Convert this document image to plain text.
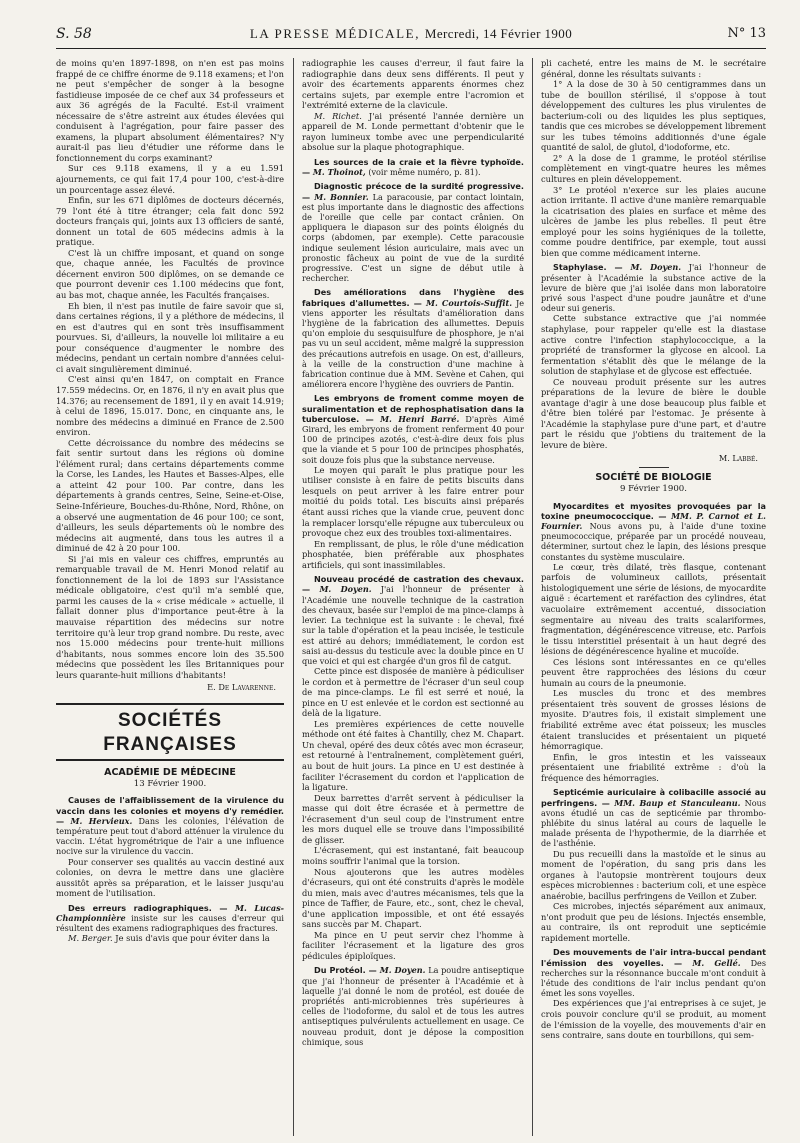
S. 58	LA PRESSE MÉDICALE, Mercredi, 14 Février 1900	N° 13

de moins qu'en 1897-1898, on n'en est pas moins frappé de ce chiffre énorme de 9.118 examens; et l'on ne peut s'empêcher de songer à la besogne fastidieuse imposée de ce chef aux 34 professeurs et aux 36 agrégés de la Faculté. Est-il vraiment nécessaire de s'être astreint aux études élevées qui conduisent à l'agrégation, pour faire passer des examens, la plupart absolument élémentaires? N'y aurait-il pas lieu d'étudier une réforme dans le fonctionnement du corps examinant?

Sur ces 9.118 examens, il y a eu 1.591 ajournements, ce qui fait 17,4 pour 100, c'est-à-dire un pourcentage assez élevé.

Enfin, sur les 671 diplômes de docteurs décernés, 79 l'ont été à titre étranger; cela fait donc 592 docteurs français qui, joints aux 13 officiers de santé, donnent un total de 605 médecins admis à la pratique.

C'est là un chiffre imposant, et quand on songe que, chaque année, les Facultés de province décernent environ 500 diplômes, on se demande ce que pourront devenir ces 1.100 médecins que font, au bas mot, chaque année, les Facultés françaises.

Eh bien, il n'est pas inutile de faire savoir que si, dans certaines régions, il y a pléthore de médecins, il en est d'autres qui en sont très insuffisamment pourvues. Si, d'ailleurs, la nouvelle loi militaire a eu pour conséquence d'augmenter le nombre des médecins, pendant un certain nombre d'années celui-ci avait singulièrement diminué.

C'est ainsi qu'en 1847, on comptait en France 17.559 médecins. Or, en 1876, il n'y en avait plus que 14.376; au recensement de 1891, il y en avait 14.919; à celui de 1896, 15.017. Donc, en cinquante ans, le nombre des médecins a diminué en France de 2.500 environ.

Cette décroissance du nombre des médecins se fait sentir surtout dans les régions où domine l'élément rural; dans certains départements comme la Corse, les Landes, les Hautes et Basses-Alpes, elle a atteint 42 pour 100. Par contre, dans les départements à grands centres, Seine, Seine-et-Oise, Seine-Inférieure, Bouches-du-Rhône, Nord, Rhône, on a observé une augmentation de 46 pour 100; ce sont, d'ailleurs, les seuls départements où le nombre des médecins ait augmenté, dans tous les autres il a diminué de 42 à 20 pour 100.

Si j'ai mis en valeur ces chiffres, empruntés au remarquable travail de M. Henri Monod relatif au fonctionnement de la loi de 1893 sur l'Assistance médicale obligatoire, c'est qu'il m'a semblé que, parmi les causes de la « crise médicale » actuelle, il fallait donner plus d'importance peut-être à la mauvaise répartition des médecins sur notre territoire qu'à leur trop grand nombre. Du reste, avec nos 15.000 médecins pour trente-huit millions d'habitants, nous sommes encore loin des 35.500 médecins que possèdent les îles Britanniques pour leurs quarante-huit millions d'habitants!

E. De Lavarenne.

SOCIÉTÉS FRANÇAISES

ACADÉMIE DE MÉDECINE

13 Février 1900.

Causes de l'affaiblissement de la virulence du vaccin dans les colonies et moyens d'y remédier. — M. Hervieux. Dans les colonies, l'élévation de température peut tout d'abord atténuer la virulence du vaccin. L'état hygrométrique de l'air a une influence nocive sur la virulence du vaccin.

Pour conserver ses qualités au vaccin destiné aux colonies, on devra le mettre dans une glacière aussitôt après sa préparation, et le laisser jusqu'au moment de l'utilisation.

Des erreurs radiographiques. — M. Lucas-Championnière insiste sur les causes d'erreur qui résultent des examens radiographiques des fractures.

M. Berger. Je suis d'avis que pour éviter dans la

radiographie les causes d'erreur, il faut faire la radiographie dans deux sens différents. Il peut y avoir des écartements apparents énormes chez certains sujets, par exemple entre l'acromion et l'extrémité externe de la clavicule.

M. Richet. J'ai présenté l'année dernière un appareil de M. Londe permettant d'obtenir que le rayon lumineux tombe avec une perpendicularité absolue sur la plaque photographique.

Les sources de la craie et la fièvre typhoïde. — M. Thoinot, (voir même numéro, p. 81).

Diagnostic précoce de la surdité progressive. — M. Bonnier. La paracousie, par contact lointain, est plus importante dans le diagnostic des affections de l'oreille que celle par contact crânien. On appliquera le diapason sur des points éloignés du corps (abdomen, par exemple). Cette paracousie indique seulement lésion auriculaire, mais avec un pronostic fâcheux au point de vue de la surdité progressive. C'est un signe de début utile à rechercher.

Des améliorations dans l'hygiène des fabriques d'allumettes. — M. Courtois-Suffit. Je viens apporter les résultats d'amélioration dans l'hygiène de la fabrication des allumettes. Depuis qu'on emploie du sesquisulfure de phosphore, je n'ai pas vu un seul accident, même malgré la suppression des précautions autrefois en usage. On est, d'ailleurs, à la veille de la construction d'une machine à fabrication continue due à MM. Sevène et Cahen, qui améliorera encore l'hygiène des ouvriers de Pantin.

Les embryons de froment comme moyen de suralimentation et de rephosphatisation dans la tuberculose. — M. Henri Barré. D'après Aimé Girard, les embryons de froment renferment 40 pour 100 de principes azotés, c'est-à-dire deux fois plus que la viande et 5 pour 100 de principes phosphatés, soit douze fois plus que la substance nerveuse.

Le moyen qui paraît le plus pratique pour les utiliser consiste à en faire de petits biscuits dans lesquels on peut arriver à les faire entrer pour moitié du poids total. Les biscuits ainsi préparés étant aussi riches que la viande crue, peuvent donc la remplacer lorsqu'elle répugne aux tuberculeux ou provoque chez eux des troubles toxi-alimentaires.

En remplissant, de plus, le rôle d'une médication phosphatée, bien préférable aux phosphates artificiels, qui sont inassimilables.

Nouveau procédé de castration des chevaux. — M. Doyen. J'ai l'honneur de présenter à l'Académie une nouvelle technique de la castration des chevaux, basée sur l'emploi de ma pince-clamps à levier. La technique est la suivante : le cheval, fixé sur la table d'opération et la peau incisée, le testicule est attiré au dehors; immédiatement, le cordon est saisi au-dessus du testicule avec la double pince en U que voici et qui est chargée d'un gros fil de catgut.

Cette pince est disposée de manière à pédiculiser le cordon et à permettre de l'écraser d'un seul coup de ma pince-clamps. Le fil est serré et noué, la pince en U est enlevée et le cordon est sectionné au delà de la ligature.

Les premières expériences de cette nouvelle méthode ont été faites à Chantilly, chez M. Chapart. Un cheval, opéré des deux côtés avec mon écraseur, est retourné à l'entraînement, complètement guéri, au bout de huit jours. La pince en U est destinée à faciliter l'écrasement du cordon et l'application de la ligature.

Deux barrettes d'arrêt servent à pédiculiser la masse qui doit être écrasée et à permettre de l'écrasement d'un seul coup de l'instrument entre les mors duquel elle se trouve dans l'impossibilité de glisser.

L'écrasement, qui est instantané, fait beaucoup moins souffrir l'animal que la torsion.

Nous ajouterons que les autres modèles d'écraseurs, qui ont été construits d'après le modèle du mien, mais avec d'autres mécanismes, tels que la pince de Taffier, de Faure, etc., sont, chez le cheval, d'une application impossible, et ont été essayés sans succès par M. Chapart.

Ma pince en U peut servir chez l'homme à faciliter l'écrasement et la ligature des gros pédicules épiploïques.

Du Protéol. — M. Doyen. La poudre antiseptique que j'ai l'honneur de présenter à l'Académie et à laquelle j'ai donné le nom de protéol, est douée de propriétés anti-microbiennes très supérieures à celles de l'iodoforme, du salol et de tous les autres antiseptiques pulvérulents actuellement en usage. Ce nouveau produit, dont je dépose la composition chimique, sous

pli cacheté, entre les mains de M. le secrétaire général, donne les résultats suivants :

1° A la dose de 30 à 50 centigrammes dans un tube de bouillon stérilisé, il s'oppose à tout développement des cultures les plus virulentes de bacterium-coli ou des liquides les plus septiques, tandis que ces microbes se développement librement sur les tubes témoins additionnés d'une égale quantité de salol, de glutol, d'iodoforme, etc.

2° A la dose de 1 gramme, le protéol stérilise complètement en vingt-quatre heures les mêmes cultures en plein développement.

3° Le protéol n'exerce sur les plaies aucune action irritante. Il active d'une manière remarquable la cicatrisation des plaies en surface et même des ulcères de jambe les plus rebelles. Il peut être employé pour les soins hygiéniques de la toilette, comme poudre dentifrice, par exemple, tout aussi bien que comme médicament interne.

Staphylase. — M. Doyen. J'ai l'honneur de présenter à l'Académie la substance active de la levure de bière que j'ai isolée dans mon laboratoire privé sous l'aspect d'une poudre jaunâtre et d'une odeur sui generis.

Cette substance extractive que j'ai nommée staphylase, pour rappeler qu'elle est la diastase active contre l'infection staphylococcique, a la propriété de transformer la glycose en alcool. La fermentation s'établit dès que le mélange de la solution de staphylase et de glycose est effectuée.

Ce nouveau produit présente sur les autres préparations de la levure de bière le double avantage d'agir à une dose beaucoup plus faible et d'être bien toléré par l'estomac. Je présente à l'Académie la staphylase pure d'une part, et d'autre part le résidu que j'obtiens du traitement de la levure de bière.

M. Labbé.

SOCIÉTÉ DE BIOLOGIE

9 Février 1900.

Myocardites et myosites provoquées par la toxine pneumococcique. — MM. P. Carnot et L. Fournier. Nous avons pu, à l'aide d'une toxine pneumococcique, préparée par un procédé nouveau, déterminer, surtout chez le lapin, des lésions presque constantes du système musculaire.

Le cœur, très dilaté, très flasque, contenant parfois de volumineux caillots, présentait histologiquement une série de lésions, de myocardite aiguë : écartement et raréfaction des cylindres, état vacuolaire extrêmement accentué, dissociation segmentaire au niveau des traits scalariformes, fragmentation, dégénérescence vitreuse, etc. Parfois le tissu interstitiel présentait à un haut degré des lésions de dégénérescence hyaline et mucoïde.

Ces lésions sont intéressantes en ce qu'elles peuvent être rapprochées des lésions du cœur humain au cours de la pneumonie.

Les muscles du tronc et des membres présentaient très souvent de grosses lésions de myosite. D'autres fois, il existait simplement une friabilité extrême avec état poisseux; les muscles étaient translucides et présentaient un piqueté hémorragique.

Enfin, le gros intestin et les vaisseaux présentaient une friabilité extrême : d'où la fréquence des hémorragies.

Septicémie auriculaire à colibacille associé au perfringens. — MM. Baup et Stanculeanu. Nous avons étudié un cas de septicémie par thrombo-phlébite du sinus latéral au cours de laquelle le malade présenta de l'hypothermie, de la diarrhée et de l'asthénie.

Du pus recueilli dans la mastoïde et le sinus au moment de l'opération, du sang pris dans les organes à l'autopsie montrèrent toujours deux espèces microbiennes : bacterium coli, et une espèce anaérobie, bacillus perfringens de Veillon et Zuber.

Ces microbes, injectés séparément aux animaux, n'ont produit que peu de lésions. Injectés ensemble, au contraire, ils ont reproduit une septicémie rapidement mortelle.

Des mouvements de l'air intra-buccal pendant l'émission des voyelles. — M. Gellé. Des recherches sur la résonnance buccale m'ont conduit à l'étude des conditions de l'air inclus pendant qu'on émet les sons voyelles.

Des expériences que j'ai entreprises à ce sujet, je crois pouvoir conclure qu'il se produit, au moment de l'émission de la voyelle, des mouvements d'air en sens contraire, sans doute en tourbillons, qui sem-
